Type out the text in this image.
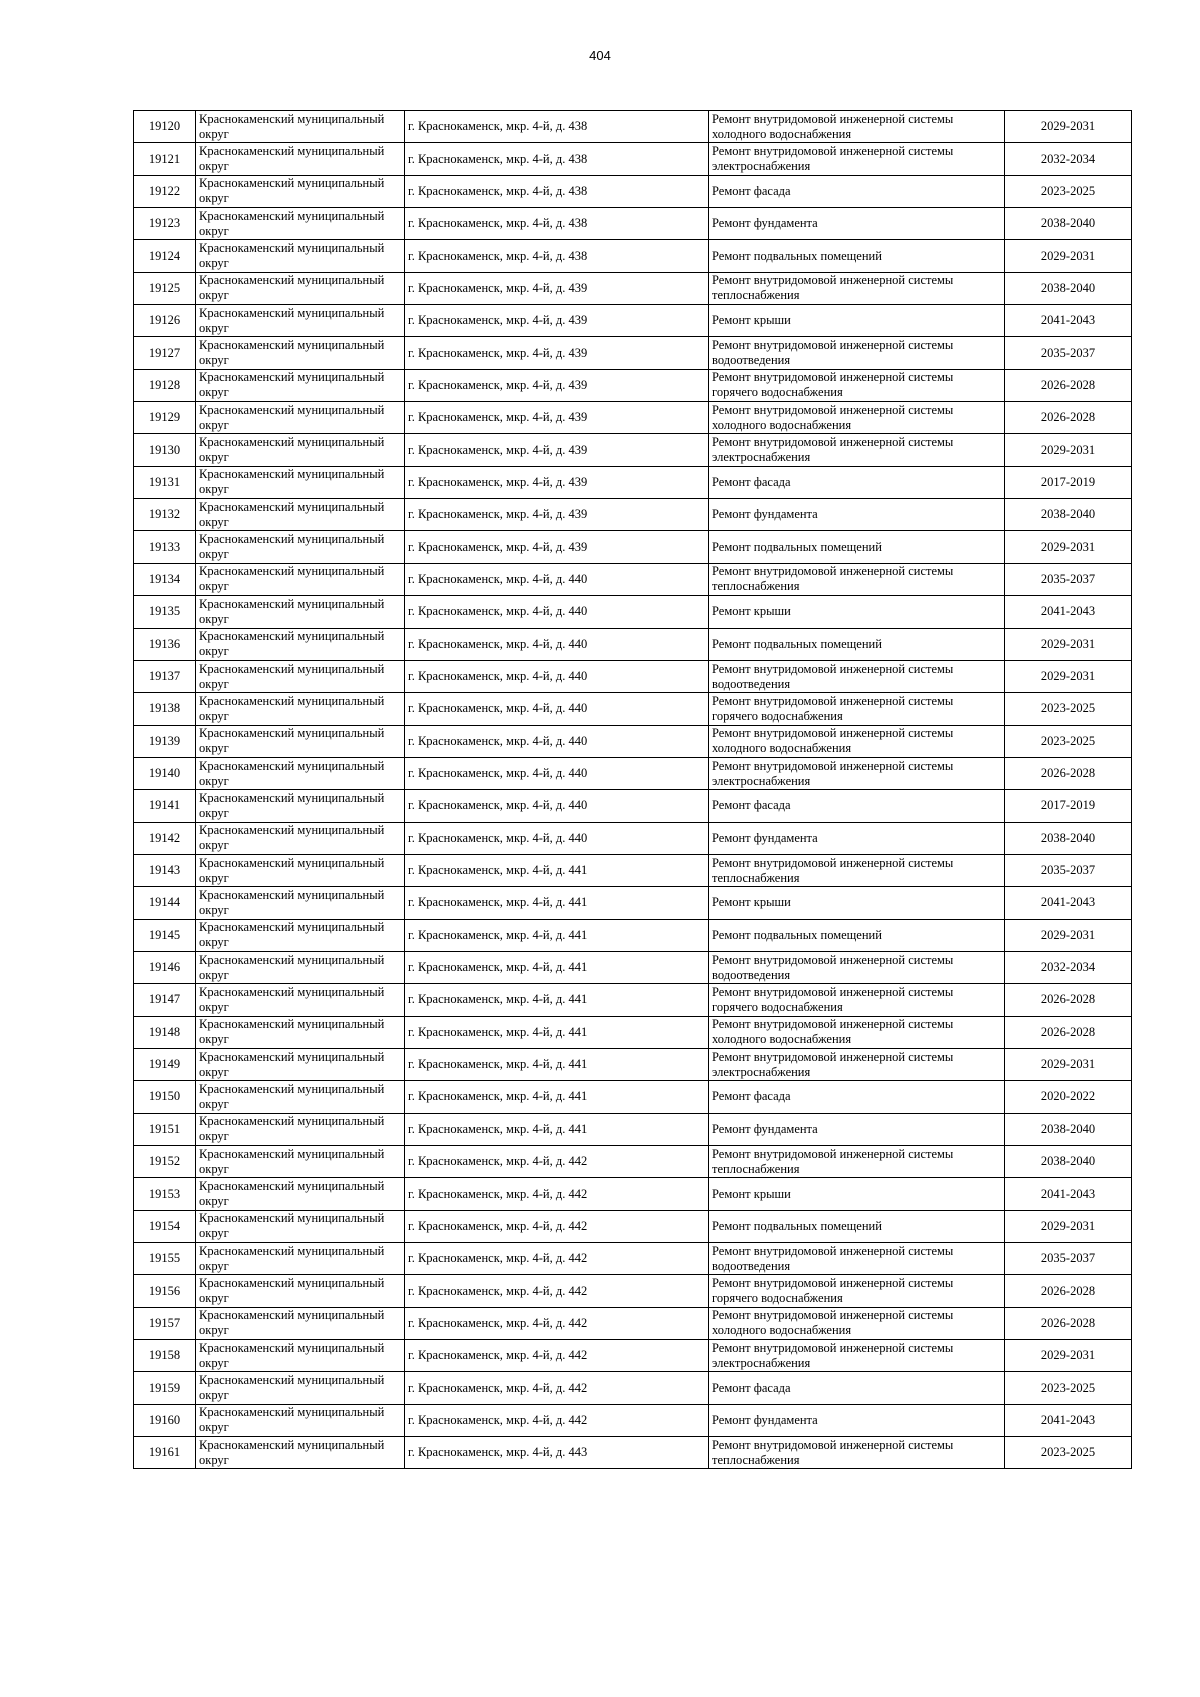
404
19120	Краснокаменский муниципальный округ	г. Краснокаменск, мкр. 4-й, д. 438	Ремонт внутридомовой инженерной системы холодного водоснабжения	2029-2031
19121	Краснокаменский муниципальный округ	г. Краснокаменск, мкр. 4-й, д. 438	Ремонт внутридомовой инженерной системы электроснабжения	2032-2034
19122	Краснокаменский муниципальный округ	г. Краснокаменск, мкр. 4-й, д. 438	Ремонт фасада	2023-2025
19123	Краснокаменский муниципальный округ	г. Краснокаменск, мкр. 4-й, д. 438	Ремонт фундамента	2038-2040
19124	Краснокаменский муниципальный округ	г. Краснокаменск, мкр. 4-й, д. 438	Ремонт подвальных помещений	2029-2031
19125	Краснокаменский муниципальный округ	г. Краснокаменск, мкр. 4-й, д. 439	Ремонт внутридомовой инженерной системы теплоснабжения	2038-2040
19126	Краснокаменский муниципальный округ	г. Краснокаменск, мкр. 4-й, д. 439	Ремонт крыши	2041-2043
19127	Краснокаменский муниципальный округ	г. Краснокаменск, мкр. 4-й, д. 439	Ремонт внутридомовой инженерной системы водоотведения	2035-2037
19128	Краснокаменский муниципальный округ	г. Краснокаменск, мкр. 4-й, д. 439	Ремонт внутридомовой инженерной системы горячего водоснабжения	2026-2028
19129	Краснокаменский муниципальный округ	г. Краснокаменск, мкр. 4-й, д. 439	Ремонт внутридомовой инженерной системы холодного водоснабжения	2026-2028
19130	Краснокаменский муниципальный округ	г. Краснокаменск, мкр. 4-й, д. 439	Ремонт внутридомовой инженерной системы электроснабжения	2029-2031
19131	Краснокаменский муниципальный округ	г. Краснокаменск, мкр. 4-й, д. 439	Ремонт фасада	2017-2019
19132	Краснокаменский муниципальный округ	г. Краснокаменск, мкр. 4-й, д. 439	Ремонт фундамента	2038-2040
19133	Краснокаменский муниципальный округ	г. Краснокаменск, мкр. 4-й, д. 439	Ремонт подвальных помещений	2029-2031
19134	Краснокаменский муниципальный округ	г. Краснокаменск, мкр. 4-й, д. 440	Ремонт внутридомовой инженерной системы теплоснабжения	2035-2037
19135	Краснокаменский муниципальный округ	г. Краснокаменск, мкр. 4-й, д. 440	Ремонт крыши	2041-2043
19136	Краснокаменский муниципальный округ	г. Краснокаменск, мкр. 4-й, д. 440	Ремонт подвальных помещений	2029-2031
19137	Краснокаменский муниципальный округ	г. Краснокаменск, мкр. 4-й, д. 440	Ремонт внутридомовой инженерной системы водоотведения	2029-2031
19138	Краснокаменский муниципальный округ	г. Краснокаменск, мкр. 4-й, д. 440	Ремонт внутридомовой инженерной системы горячего водоснабжения	2023-2025
19139	Краснокаменский муниципальный округ	г. Краснокаменск, мкр. 4-й, д. 440	Ремонт внутридомовой инженерной системы холодного водоснабжения	2023-2025
19140	Краснокаменский муниципальный округ	г. Краснокаменск, мкр. 4-й, д. 440	Ремонт внутридомовой инженерной системы электроснабжения	2026-2028
19141	Краснокаменский муниципальный округ	г. Краснокаменск, мкр. 4-й, д. 440	Ремонт фасада	2017-2019
19142	Краснокаменский муниципальный округ	г. Краснокаменск, мкр. 4-й, д. 440	Ремонт фундамента	2038-2040
19143	Краснокаменский муниципальный округ	г. Краснокаменск, мкр. 4-й, д. 441	Ремонт внутридомовой инженерной системы теплоснабжения	2035-2037
19144	Краснокаменский муниципальный округ	г. Краснокаменск, мкр. 4-й, д. 441	Ремонт крыши	2041-2043
19145	Краснокаменский муниципальный округ	г. Краснокаменск, мкр. 4-й, д. 441	Ремонт подвальных помещений	2029-2031
19146	Краснокаменский муниципальный округ	г. Краснокаменск, мкр. 4-й, д. 441	Ремонт внутридомовой инженерной системы водоотведения	2032-2034
19147	Краснокаменский муниципальный округ	г. Краснокаменск, мкр. 4-й, д. 441	Ремонт внутридомовой инженерной системы горячего водоснабжения	2026-2028
19148	Краснокаменский муниципальный округ	г. Краснокаменск, мкр. 4-й, д. 441	Ремонт внутридомовой инженерной системы холодного водоснабжения	2026-2028
19149	Краснокаменский муниципальный округ	г. Краснокаменск, мкр. 4-й, д. 441	Ремонт внутридомовой инженерной системы электроснабжения	2029-2031
19150	Краснокаменский муниципальный округ	г. Краснокаменск, мкр. 4-й, д. 441	Ремонт фасада	2020-2022
19151	Краснокаменский муниципальный округ	г. Краснокаменск, мкр. 4-й, д. 441	Ремонт фундамента	2038-2040
19152	Краснокаменский муниципальный округ	г. Краснокаменск, мкр. 4-й, д. 442	Ремонт внутридомовой инженерной системы теплоснабжения	2038-2040
19153	Краснокаменский муниципальный округ	г. Краснокаменск, мкр. 4-й, д. 442	Ремонт крыши	2041-2043
19154	Краснокаменский муниципальный округ	г. Краснокаменск, мкр. 4-й, д. 442	Ремонт подвальных помещений	2029-2031
19155	Краснокаменский муниципальный округ	г. Краснокаменск, мкр. 4-й, д. 442	Ремонт внутридомовой инженерной системы водоотведения	2035-2037
19156	Краснокаменский муниципальный округ	г. Краснокаменск, мкр. 4-й, д. 442	Ремонт внутридомовой инженерной системы горячего водоснабжения	2026-2028
19157	Краснокаменский муниципальный округ	г. Краснокаменск, мкр. 4-й, д. 442	Ремонт внутридомовой инженерной системы холодного водоснабжения	2026-2028
19158	Краснокаменский муниципальный округ	г. Краснокаменск, мкр. 4-й, д. 442	Ремонт внутридомовой инженерной системы электроснабжения	2029-2031
19159	Краснокаменский муниципальный округ	г. Краснокаменск, мкр. 4-й, д. 442	Ремонт фасада	2023-2025
19160	Краснокаменский муниципальный округ	г. Краснокаменск, мкр. 4-й, д. 442	Ремонт фундамента	2041-2043
19161	Краснокаменский муниципальный округ	г. Краснокаменск, мкр. 4-й, д. 443	Ремонт внутридомовой инженерной системы теплоснабжения	2023-2025
